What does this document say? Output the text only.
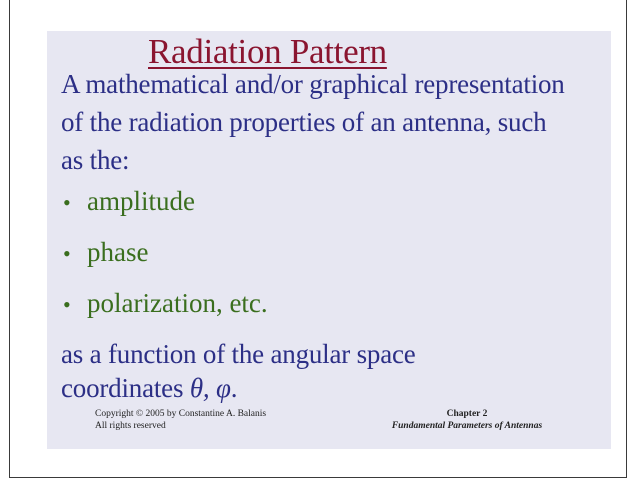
Radiation Pattern
A mathematical and/or graphical representation
of the radiation properties of an antenna, such
as the:
• amplitude
• phase
• polarization, etc.
as a function of the angular space
coordinates θ, φ.
Copyright © 2005 by Constantine A. Balanis
All rights reserved
Chapter 2
Fundamental Parameters of Antennas
